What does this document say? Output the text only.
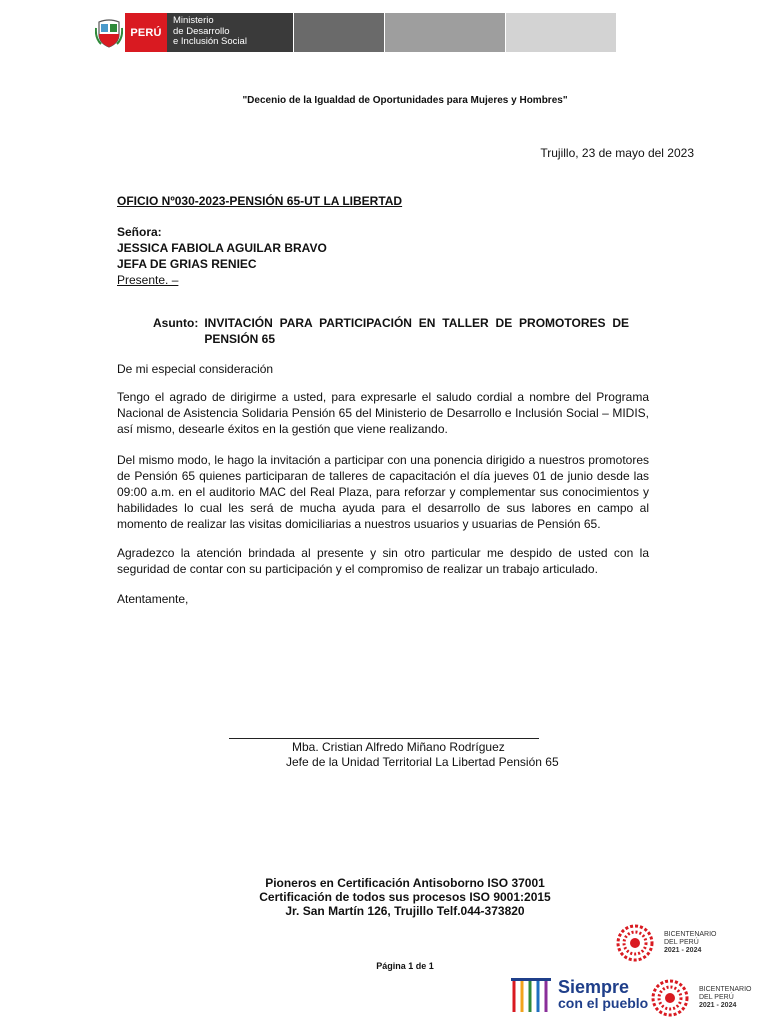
PERÚ
Ministerio
de Desarrollo
e Inclusión Social
"Decenio de la Igualdad de Oportunidades para Mujeres y Hombres"
Trujillo, 23 de mayo del 2023
OFICIO Nº030-2023-PENSIÓN 65-UT LA LIBERTAD
Señora:
JESSICA FABIOLA AGUILAR BRAVO
JEFA DE GRIAS RENIEC
Presente. –
Asunto: INVITACIÓN PARA PARTICIPACIÓN EN TALLER DE PROMOTORES DE PENSIÓN 65
De mi especial consideración
Tengo el agrado de dirigirme a usted, para expresarle el saludo cordial a nombre del Programa Nacional de Asistencia Solidaria Pensión 65 del Ministerio de Desarrollo e Inclusión Social – MIDIS, así mismo, desearle éxitos en la gestión que viene realizando.
Del mismo modo, le hago la invitación a participar con una ponencia dirigido a nuestros promotores de Pensión 65 quienes participaran de talleres de capacitación el día jueves 01 de junio desde las 09:00 a.m. en el auditorio MAC del Real Plaza, para reforzar y complementar sus conocimientos y habilidades lo cual les será de mucha ayuda para el desarrollo de sus labores en campo al momento de realizar las visitas domiciliarias a nuestros usuarios y usuarias de Pensión 65.
Agradezco la atención brindada al presente y sin otro particular me despido de usted con la seguridad de contar con su participación y el compromiso de realizar un trabajo articulado.
Atentamente,
Mba. Cristian Alfredo Miñano Rodríguez
Jefe de la Unidad Territorial La Libertad Pensión 65
Pioneros en Certificación Antisoborno ISO 37001
Certificación de todos sus procesos ISO 9001:2015
Jr. San Martín 126, Trujillo Telf.044-373820
Página 1 de 1
BICENTENARIO
DEL PERÚ
2021 - 2024
Siempre
con el pueblo
BICENTENARIO
DEL PERÚ
2021 - 2024
